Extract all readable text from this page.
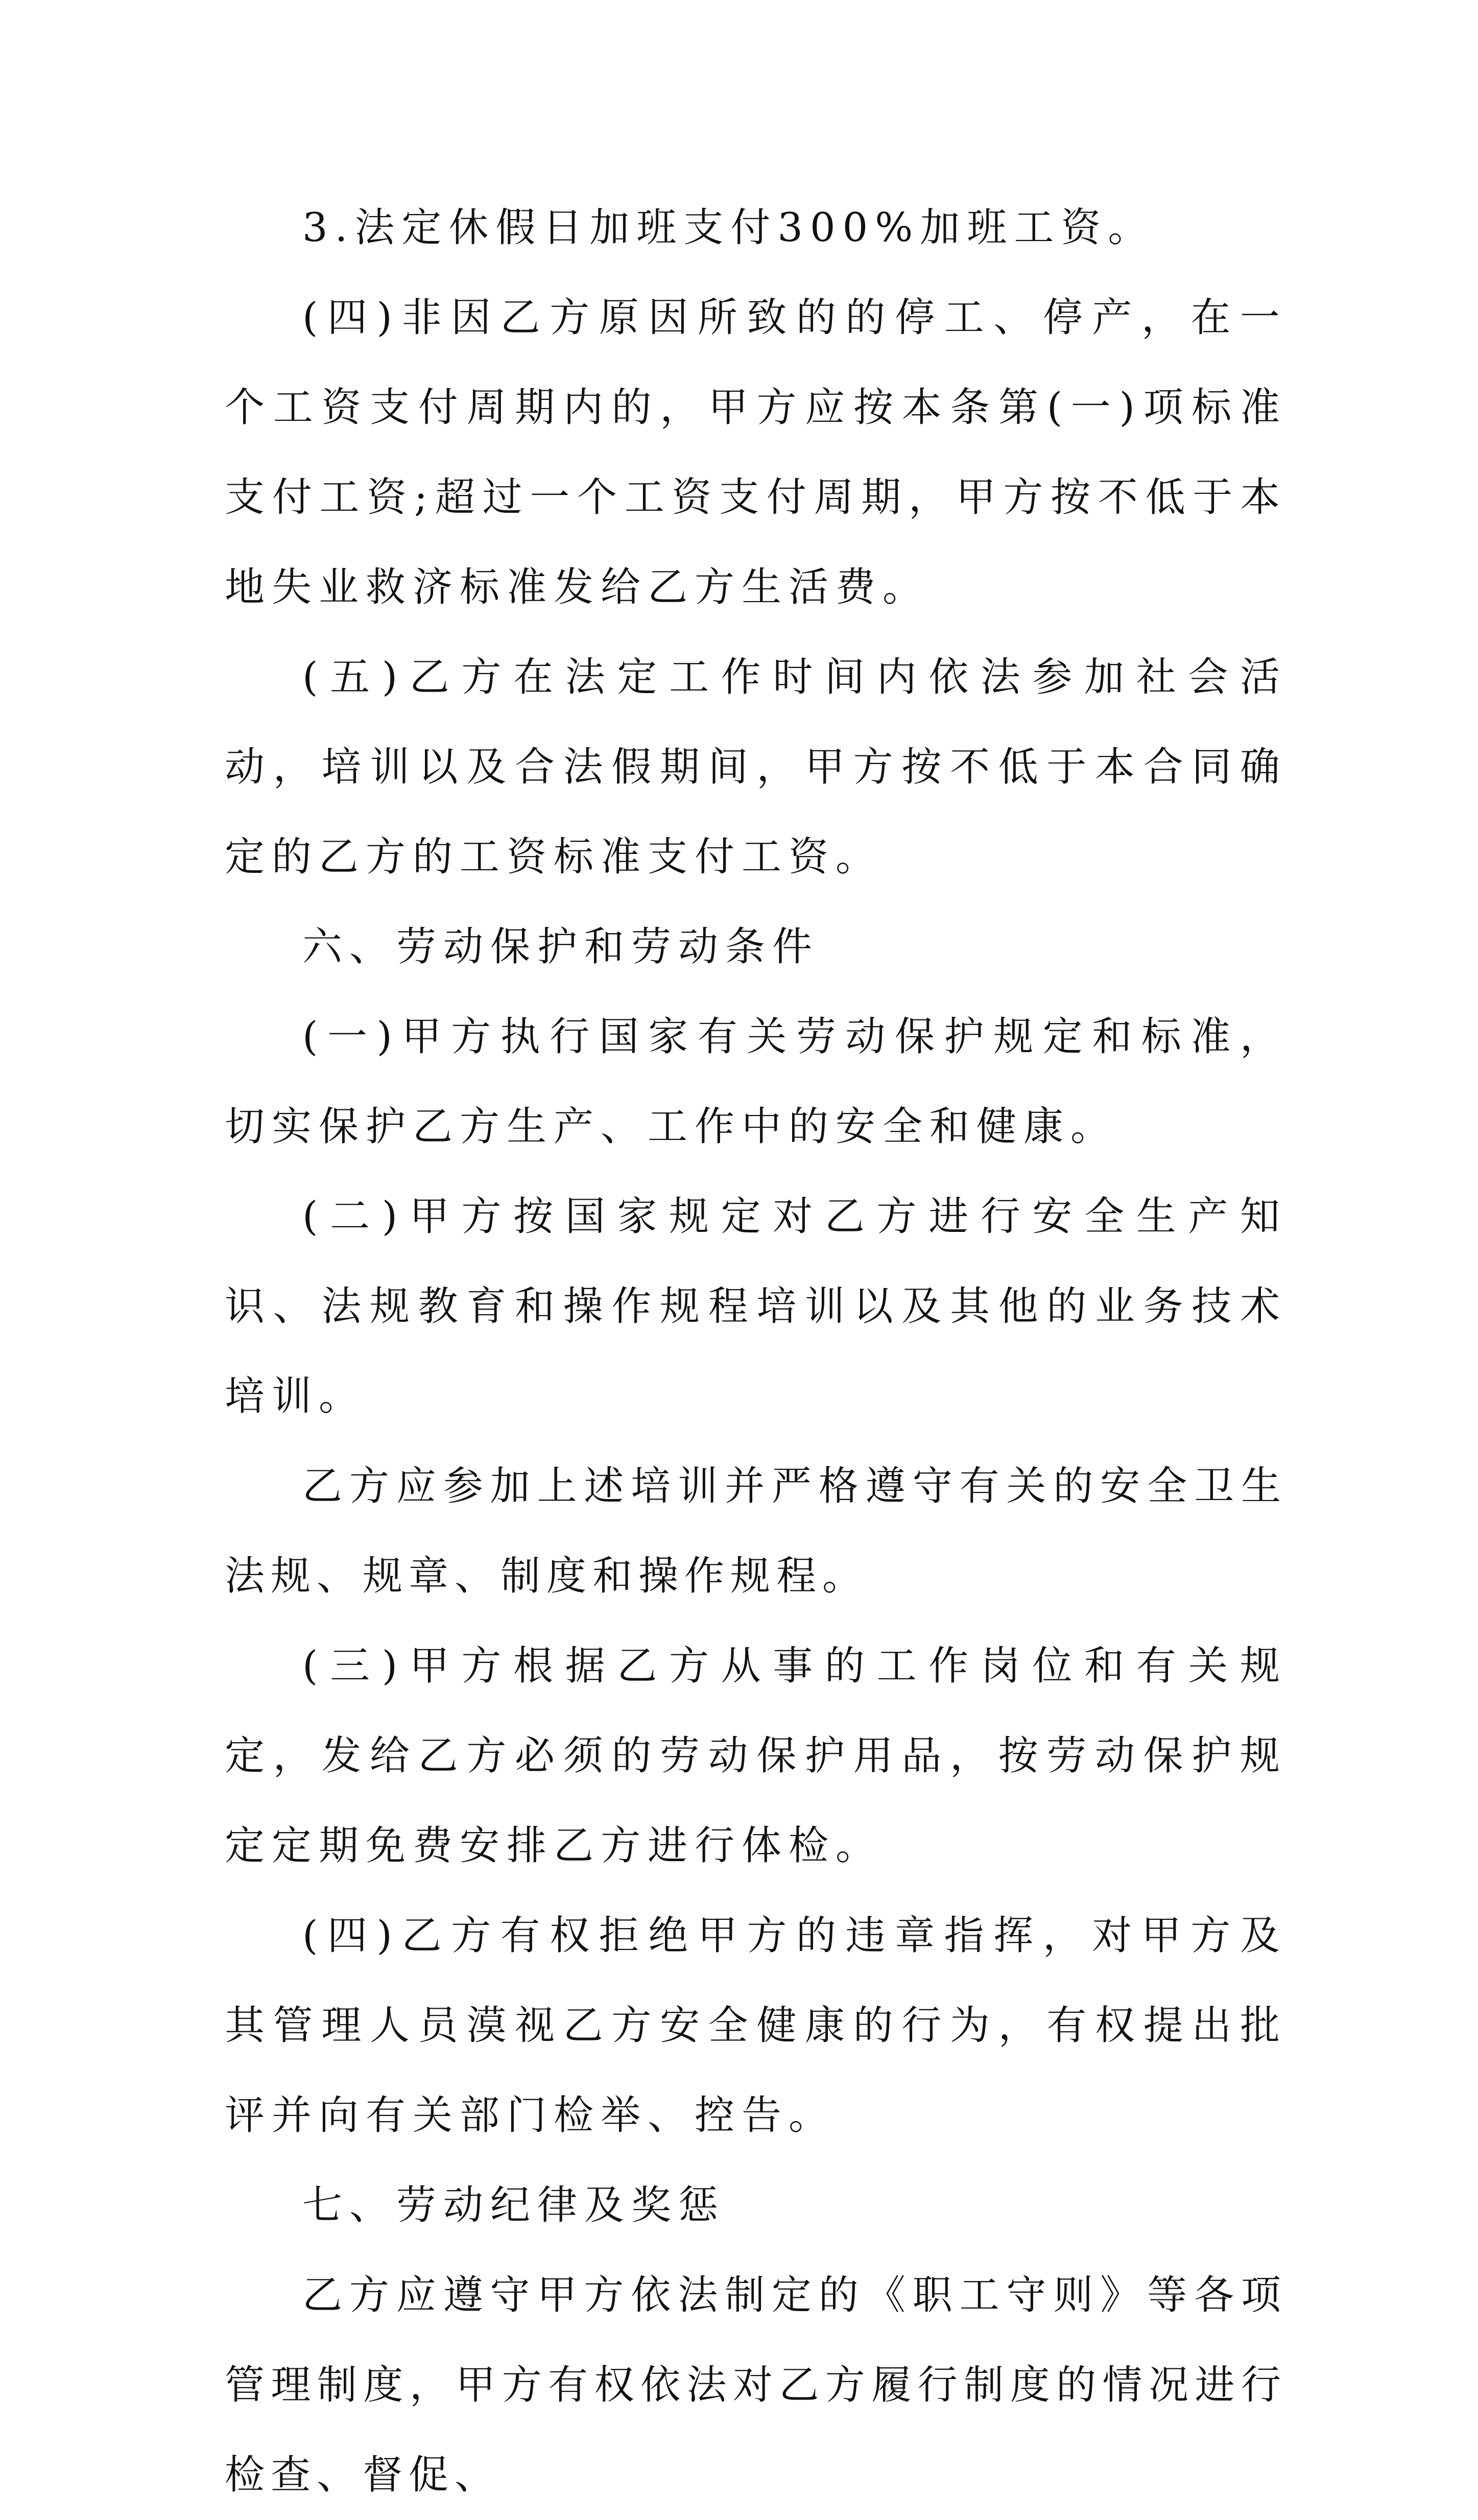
3.法定休假日加班支付300%加班工资。

(四)非因乙方原因所致的的停工、停产，在一个工资支付周期内的，甲方应按本条第(一)项标准支付工资;超过一个工资支付周期，甲方按不低于本地失业救济标准发给乙方生活费。

(五)乙方在法定工作时间内依法参加社会活动，培训以及合法假期间，甲方按不低于本合同确定的乙方的工资标准支付工资。

六、劳动保护和劳动条件

(一)甲方执行国家有关劳动保护规定和标准，切实保护乙方生产、工作中的安全和健康。

(二)甲方按国家规定对乙方进行安全生产知识、法规教育和操作规程培训以及其他的业务技术培训。

乙方应参加上述培训并严格遵守有关的安全卫生法规、规章、制度和操作规程。

(三)甲方根据乙方从事的工作岗位和有关规定，发给乙方必须的劳动保护用品，按劳动保护规定定期免费安排乙方进行体检。

(四)乙方有权拒绝甲方的违章指挥，对甲方及其管理人员漠视乙方安全健康的行为，有权提出批评并向有关部门检举、控告。

七、劳动纪律及奖惩

乙方应遵守甲方依法制定的《职工守则》等各项管理制度，甲方有权依法对乙方履行制度的情况进行检查、督促、
